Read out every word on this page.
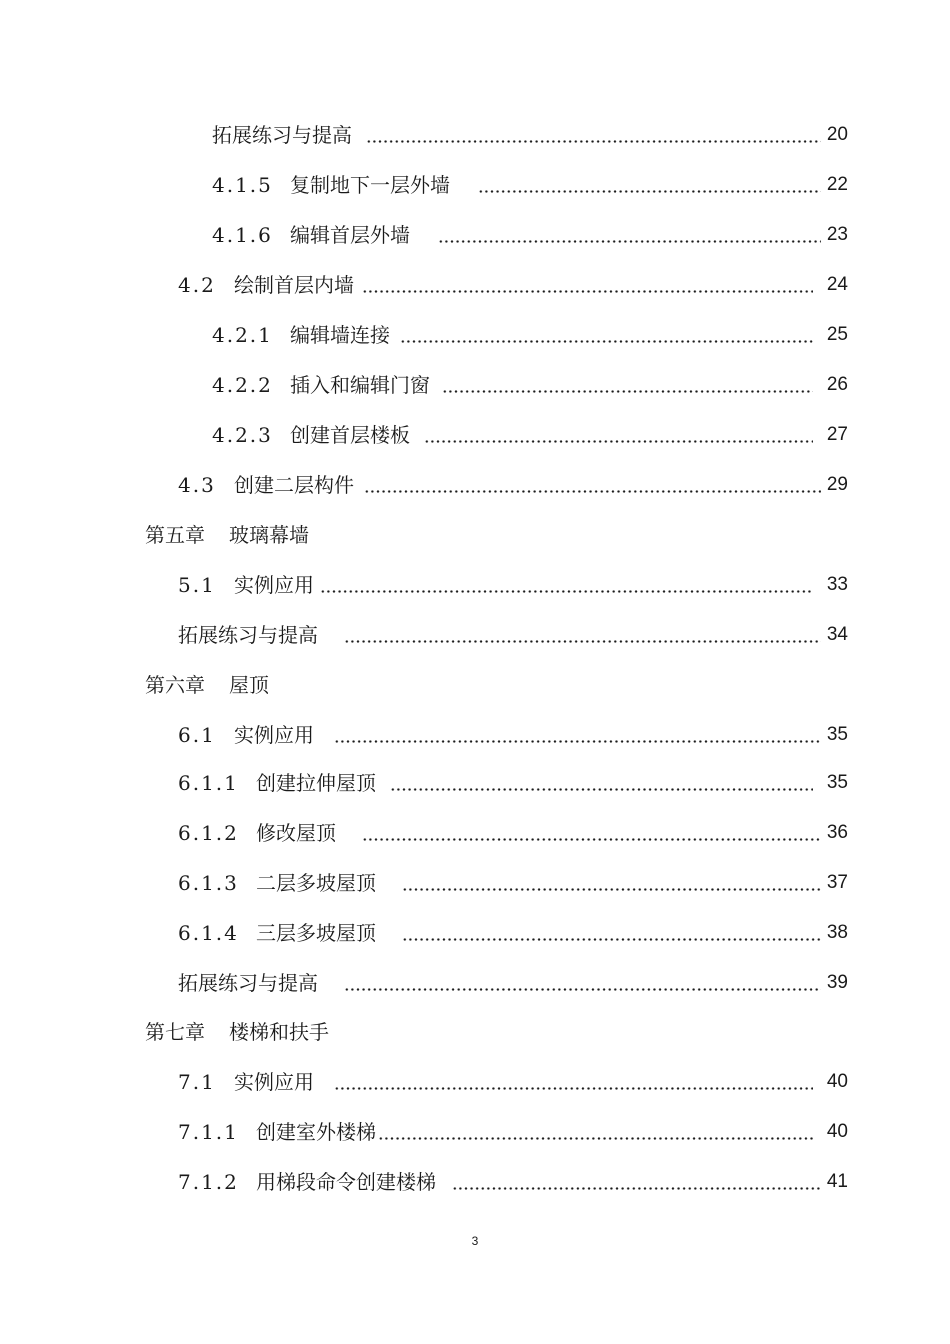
拓展练习与提高	20
4.1.5 复制地下一层外墙	22
4.1.6 编辑首层外墙	23
4.2 绘制首层内墙	24
4.2.1 编辑墙连接	25
4.2.2 插入和编辑门窗	26
4.2.3 创建首层楼板	27
4.3 创建二层构件	29
第五章 玻璃幕墙
5.1 实例应用	33
拓展练习与提高	34
第六章 屋顶
6.1 实例应用	35
6.1.1 创建拉伸屋顶	35
6.1.2 修改屋顶	36
6.1.3 二层多坡屋顶	37
6.1.4 三层多坡屋顶	38
拓展练习与提高	39
第七章 楼梯和扶手
7.1 实例应用	40
7.1.1 创建室外楼梯	40
7.1.2 用梯段命令创建楼梯	41
3
